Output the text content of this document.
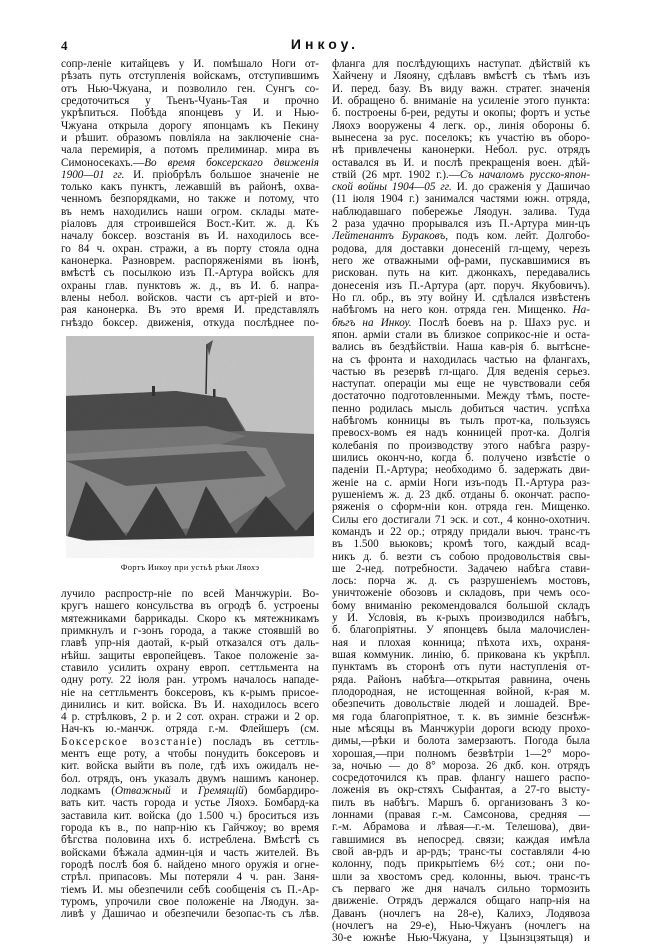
4	Инкоу.
сопр-леніе китайцевъ у И. помѣшало Ноги от-
рѣзать путь отступленія войскамъ, отступившимъ
отъ Нью-Чжуана, и позволило ген. Сунгъ со-
средоточиться у Тьенъ-Чуань-Тая и прочно
укрѣпиться. Побѣда японцевъ у И. и Нью-
Чжуана открыла дорогу японцамъ къ Пекину
и рѣшит. образомъ повліяла на заключеніе сна-
чала перемирія, а потомъ прелиминар. мира въ
Симоносекахъ.—Во время боксерскаго движенія
1900—01 гг. И. пріобрѣлъ большое значеніе не
только какъ пунктъ, лежавшій въ районѣ, охва-
ченномъ безпорядками, но также и потому, что
въ немъ находились наши огром. склады мате-
ріаловъ для строившейся Вост.-Кит. ж. д. Къ
началу боксер. возстанія въ И. находилось все-
го 84 ч. охран. стражи, а въ порту стояла одна
канонерка. Разноврем. распоряженіями въ іюнѣ,
вмѣстѣ съ посылкою изъ П.-Артура войскъ для
охраны глав. пунктовъ ж. д., въ И. б. напра-
влены небол. войсков. части съ арт-ріей и вто-
рая канонерка. Въ это время И. представлялъ
гнѣздо боксер. движенія, откуда послѣднее по-
Фортъ Инкоу при устьѣ рѣки Ляохэ
лучило распростр-ніе по всей Манчжуріи. Во-
кругъ нашего консульства въ огродѣ б. устроены
мятежниками баррикады. Скоро къ мятежникамъ
примкнулъ и г-зонъ города, а также стоявшій во
главѣ упр-нія даотай, к-рый отказался отъ даль-
нѣйш. защиты европейцевъ. Такое положеніе за-
ставило усилить охрану европ. сеттльмента на
одну роту. 22 іюля ран. утромъ началось нападе-
ніе на сеттльментъ боксеровъ, къ к-рымъ присое-
динились и кит. войска. Въ И. находилось всего
4 р. стрѣлковъ, 2 р. и 2 сот. охран. стражи и 2 ор.
Нач-къ ю.-манчж. отряда г.-м. Флейшеръ (см.
Боксерское возстаніе) посладъ въ сеттль-
ментъ еще роту, а чтобы понудить боксеровъ и
кит. войска выйти въ поле, гдѣ ихъ ожидалъ не-
бол. отрядъ, онъ указалъ двумъ нашимъ канонер.
лодкамъ (Отважный и Гремящій) бомбардиро-
вать кит. часть города и устье Ляохэ. Бомбард-ка
заставила кит. войска (до 1.500 ч.) броситься изъ
города къ в., по напр-нію къ Гайчжоу; во время
бѣгства половина ихъ б. истреблена. Вмѣстѣ съ
войсками бѣжала админ-ція и часть жителей. Въ
городѣ послѣ боя б. найдено много оружія и огне-
стрѣл. припасовъ. Мы потеряли 4 ч. ран. Заня-
тіемъ И. мы обезпечили себѣ сообщенія съ П.-Ар-
туромъ, упрочили свое положеніе на Ляодун. за-
ливѣ у Дашичао и обезпечили безопас-ть съ лѣв.
фланга для послѣдующихъ наступат. дѣйствій къ
Хайчену и Ляояну, сдѣлавъ вмѣстѣ съ тѣмъ изъ
И. перед. базу. Въ виду важн. стратег. значенія
И. обращено б. вниманіе на усиленіе этого пункта:
б. построены б-реи, редуты и окопы; фортъ и устье
Ляохэ вооружены 4 легк. ор., линія обороны б.
вынесена за рус. поселокъ; къ участію въ оборо-
нѣ привлечены канонерки. Небол. рус. отрядъ
оставался въ И. и послѣ прекращенія воен. дѣй-
ствій (26 мрт. 1902 г.).—Съ началомъ русско-япон-
ской войны 1904—05 гг. И. до сраженія у Дашичао
(11 іюля 1904 г.) занимался частями южн. отряда,
наблюдавшаго побережье Ляодун. залива. Туда
2 раза удачно прорывался изъ П.-Артура мин-цъ
Лейтенантъ Бураковъ, подъ ком. лейт. Долгобо-
родова, для доставки донесеній гл-щему, черезъ
него же отважными оф-рами, пускавшимися въ
рискован. путь на кит. джонкахъ, передавались
донесенія изъ П.-Артура (арт. поруч. Якубовичъ).
Но гл. обр., въ эту войну И. сдѣлался извѣстенъ
набѣгомъ на него кон. отряда ген. Мищенко. На-
бѣгъ на Инкоу. Послѣ боевъ на р. Шахэ рус. и
япон. арміи стали въ близкое соприкос-ніе и оста-
вались въ бездѣйствіи. Наша кав-рія б. вытѣсне-
на съ фронта и находилась частью на флангахъ,
частью въ резервѣ гл-щаго. Для веденія серьез.
наступат. операціи мы еще не чувствовали себя
достаточно подготовленными. Между тѣмъ, посте-
пенно родилась мысль добиться частич. успѣха
набѣгомъ конницы въ тылъ прот-ка, пользуясь
превосх-вомъ ея надъ конницей прот-ка. Долгія
колебанія по производству этого набѣга разру-
шились оконч-но, когда б. получено извѣстіе о
паденіи П.-Артура; необходимо б. задержать дви-
женіе на с. арміи Ноги изъ-подъ П.-Артура раз-
рушеніемъ ж. д. 23 дкб. отданы б. окончат. распо-
ряженія о сформ-ніи кон. отряда ген. Мищенко.
Силы его достигали 71 эск. и сот., 4 конно-охотнич.
командъ и 22 ор.; отряду придали вьюч. транс-тъ
въ 1.500 вьюковъ; кромѣ того, каждый всад-
никъ д. б. везти съ собою продовольствія свы-
ше 2-нед. потребности. Задачею набѣга стави-
лось: порча ж. д. съ разрушеніемъ мостовъ,
уничтоженіе обозовъ и складовъ, при чемъ осо-
бому вниманію рекомендовался большой складъ
у И. Условія, въ к-рыхъ производился набѣгъ,
б. благопріятны. У японцевъ была малочислен-
ная и плохая конница; пѣхота ихъ, охраня-
вшая коммуник. линію, б. прикована къ укрѣпл.
пунктамъ въ сторонѣ отъ пути наступленія от-
ряда. Районъ набѣга—открытая равнина, очень
плодородная, не истощенная войной, к-рая м.
обезпечить довольствіе людей и лошадей. Вре-
мя года благопріятное, т. к. въ зимніе безснѣж-
ные мѣсяцы въ Манчжуріи дороги всюду прохо-
димы,—рѣки и болота замерзаютъ. Погода была
хорошая,—при полномъ безвѣтріи 1—2° моро-
за, ночью — до 8° мороза. 26 дкб. кон. отрядъ
сосредоточился къ прав. флангу нашего распо-
ложенія въ окр-стяхъ Сыфантая, а 27-го высту-
пилъ въ набѣгъ. Маршъ б. организованъ 3 ко-
лоннами (правая г.-м. Самсонова, средняя —
г.-м. Абрамова и лѣвая—г.-м. Телешова), дви-
гавшимися въ непосред. связи; каждая имѣла
свой ав-рдъ и ар-рдъ; транс-ты составляли 4-ю
колонну, подъ прикрытіемъ 6½ сот.; они по-
шли за хвостомъ сред. колонны, вьюч. транс-тъ
съ перваго же дня началъ сильно тормозить
движеніе. Отрядъ держался общаго напр-нія на
Даванъ (ночлегъ на 28-е), Калихэ, Лодявоза
(ночлегъ на 29-е), Нью-Чжуанъ (ночлегъ на
30-е южнѣе Нью-Чжуана, у Цзынзцзятыця) и
